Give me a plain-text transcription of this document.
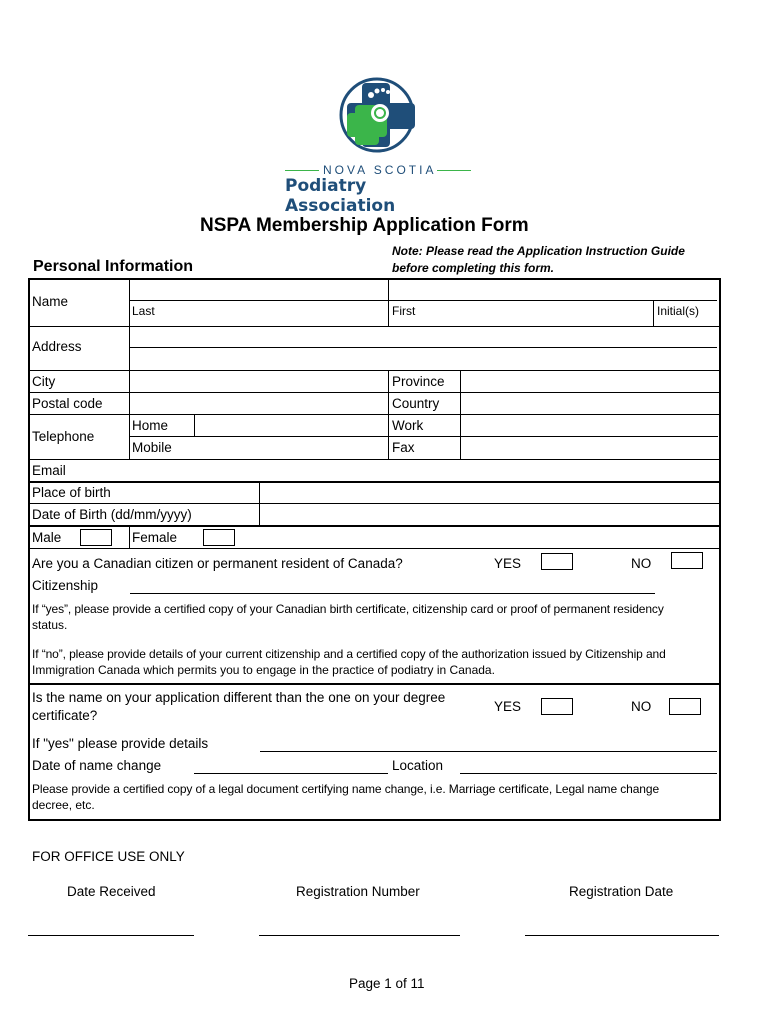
NOVA SCOTIA
Podiatry Association
NSPA Membership Application Form
Note: Please read the Application Instruction Guide
before completing this form.
Personal Information
Name
Last	First	Initial(s)
Address
City	Province
Postal code	Country
Telephone
Home	Work
Mobile	Fax
Email
Place of birth
Date of Birth (dd/mm/yyyy)
Male	Female
Are you a Canadian citizen or permanent resident of Canada?	YES	NO
Citizenship
If “yes”, please provide a certified copy of your Canadian birth certificate, citizenship card or proof of permanent residency
status.
If “no”, please provide details of your current citizenship and a certified copy of the authorization issued by Citizenship and
Immigration Canada which permits you to engage in the practice of podiatry in Canada.
Is the name on your application different than the one on your degree
certificate?
YES	NO
If "yes" please provide details
Date of name change	Location
Please provide a certified copy of a legal document certifying name change, i.e. Marriage certificate, Legal name change
decree, etc.
FOR OFFICE USE ONLY
Date Received	Registration Number	Registration Date
Page 1 of 11
